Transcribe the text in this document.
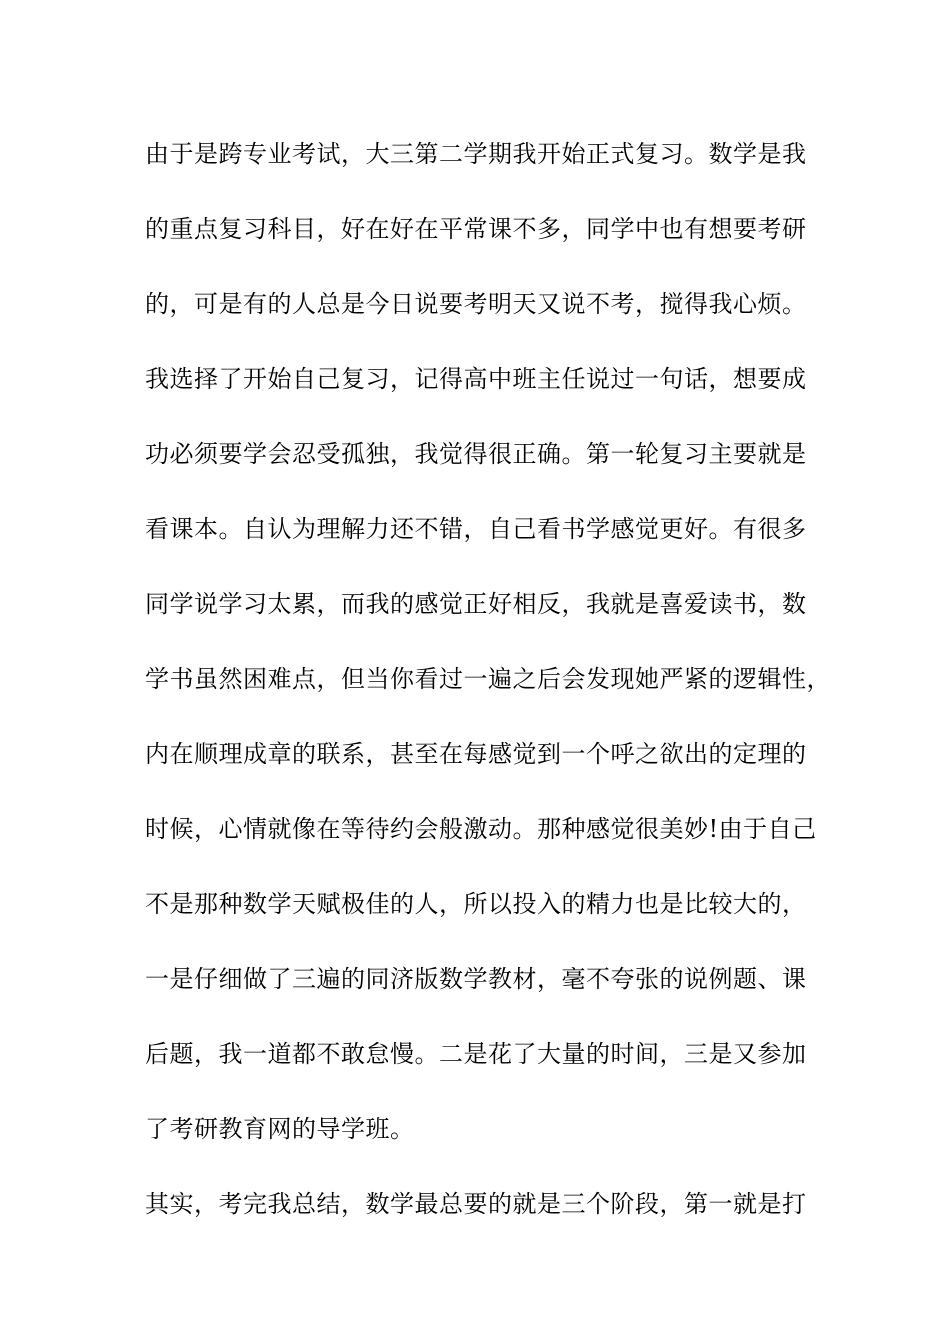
由于是跨专业考试，大三第二学期我开始正式复习。数学是我
的重点复习科目，好在好在平常课不多，同学中也有想要考研
的，可是有的人总是今日说要考明天又说不考，搅得我心烦。
我选择了开始自己复习，记得高中班主任说过一句话，想要成
功必须要学会忍受孤独，我觉得很正确。第一轮复习主要就是
看课本。自认为理解力还不错，自己看书学感觉更好。有很多
同学说学习太累，而我的感觉正好相反，我就是喜爱读书，数
学书虽然困难点，但当你看过一遍之后会发现她严紧的逻辑性，
内在顺理成章的联系，甚至在每感觉到一个呼之欲出的定理的
时候，心情就像在等待约会般激动。那种感觉很美妙!由于自己
不是那种数学天赋极佳的人，所以投入的精力也是比较大的，
一是仔细做了三遍的同济版数学教材，毫不夸张的说例题、课
后题，我一道都不敢怠慢。二是花了大量的时间，三是又参加
了考研教育网的导学班。
其实，考完我总结，数学最总要的就是三个阶段，第一就是打
